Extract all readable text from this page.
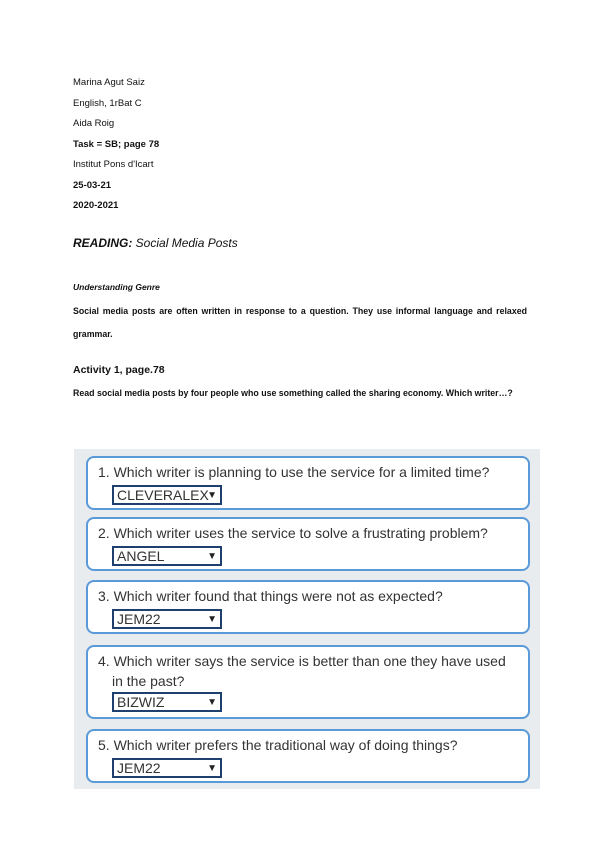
Marina Agut Saiz
English, 1rBat C
Aida Roig
Task = SB; page 78
Institut Pons d'Icart
25-03-21
2020-2021
READING: Social Media Posts
Understanding Genre
Social media posts are often written in response to a question. They use informal language and relaxed grammar.
Activity 1, page.78
Read social media posts by four people who use something called the sharing economy. Which writer…?
1. Which writer is planning to use the service for a limited time?
CLEVERALEX
▼
2. Which writer uses the service to solve a frustrating problem?
ANGEL	▼
3. Which writer found that things were not as expected?
JEM22	▼
4. Which writer says the service is better than one they have used
in the past?
BIZWIZ	▼
5. Which writer prefers the traditional way of doing things?
JEM22	▼
